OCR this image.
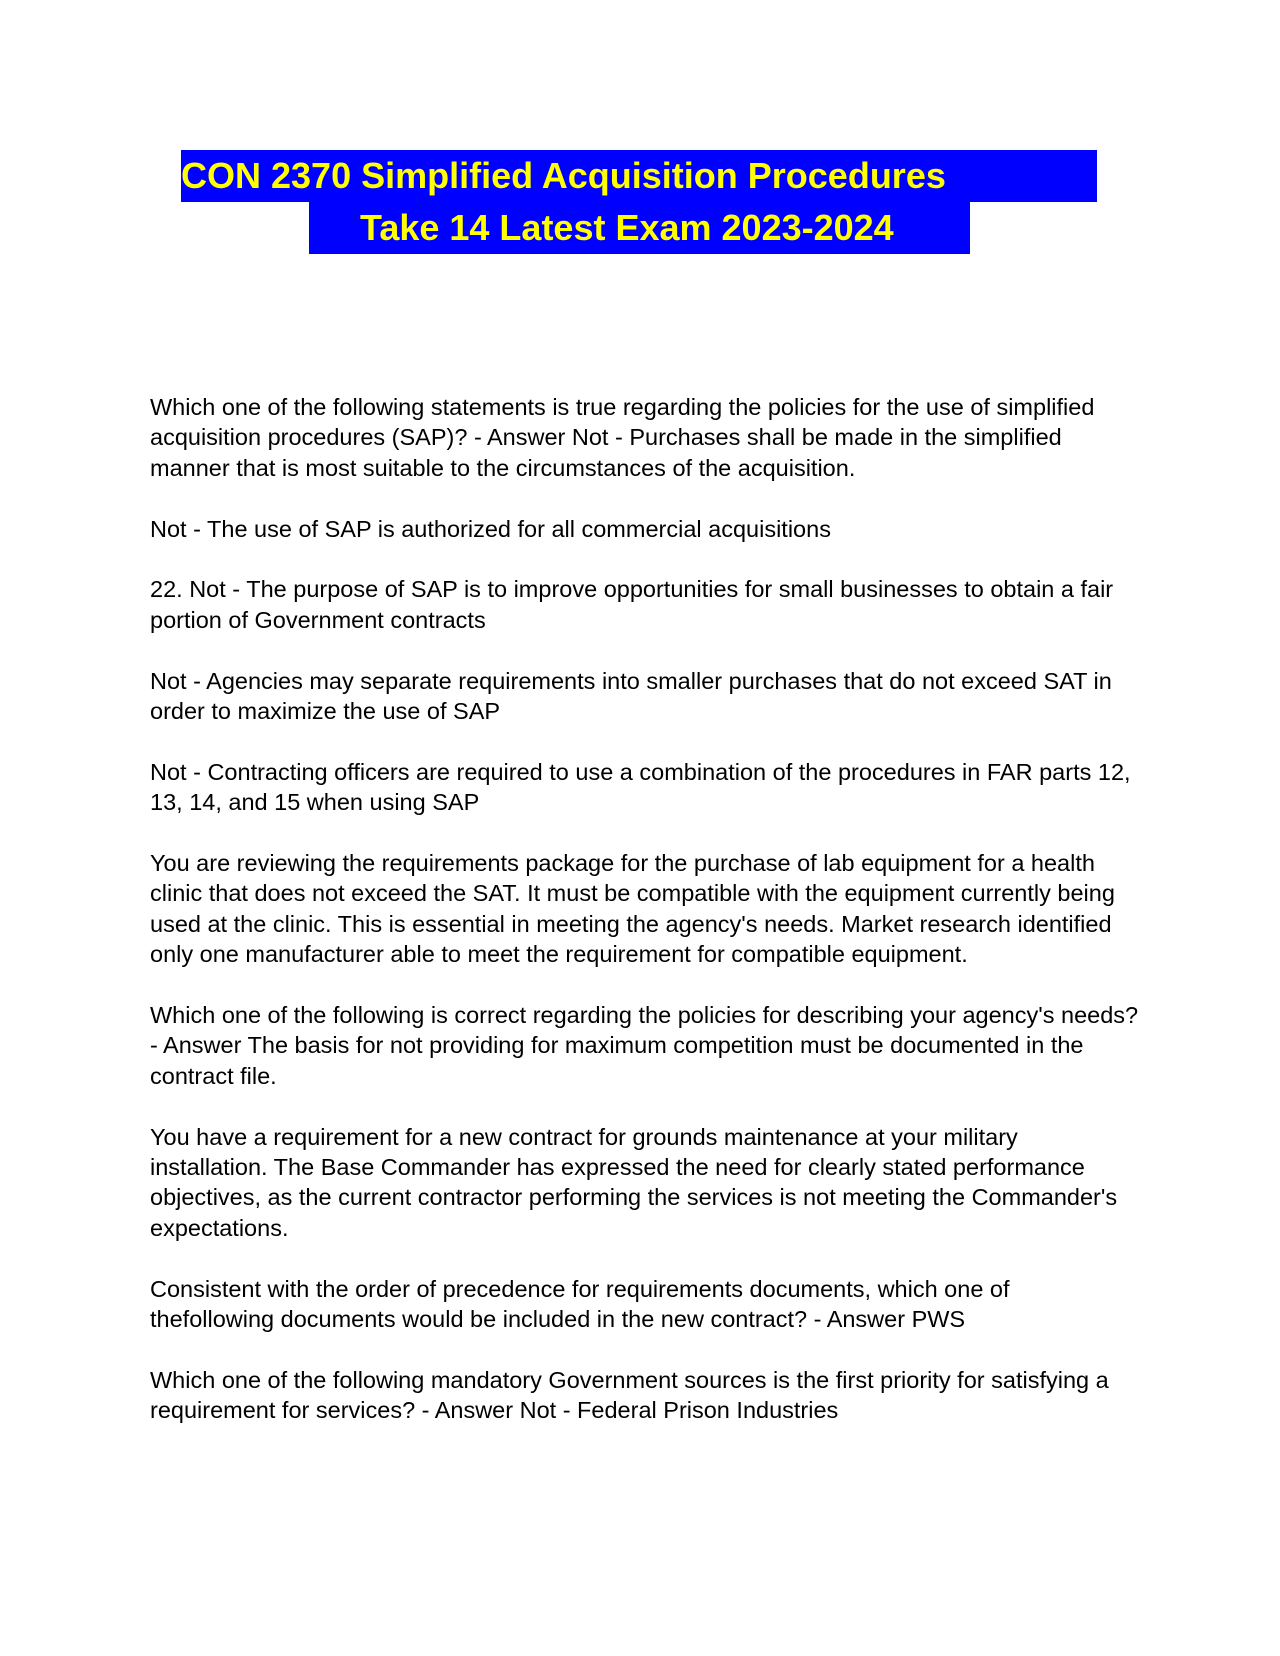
CON 2370 Simplified Acquisition Procedures
Take 14 Latest Exam 2023-2024

Which one of the following statements is true regarding the policies for the use of simplified acquisition procedures (SAP)? - Answer Not - Purchases shall be made in the simplified manner that is most suitable to the circumstances of the acquisition.

Not - The use of SAP is authorized for all commercial acquisitions

22. Not - The purpose of SAP is to improve opportunities for small businesses to obtain a fair portion of Government contracts

Not - Agencies may separate requirements into smaller purchases that do not exceed SAT in order to maximize the use of SAP

Not - Contracting officers are required to use a combination of the procedures in FAR parts 12, 13, 14, and 15 when using SAP

You are reviewing the requirements package for the purchase of lab equipment for a health clinic that does not exceed the SAT. It must be compatible with the equipment currently being used at the clinic. This is essential in meeting the agency's needs. Market research identified only one manufacturer able to meet the requirement for compatible equipment.

Which one of the following is correct regarding the policies for describing your agency's needs? - Answer The basis for not providing for maximum competition must be documented in the contract file.

You have a requirement for a new contract for grounds maintenance at your military installation. The Base Commander has expressed the need for clearly stated performance objectives, as the current contractor performing the services is not meeting the Commander's expectations.

Consistent with the order of precedence for requirements documents, which one of thefollowing documents would be included in the new contract? - Answer PWS

Which one of the following mandatory Government sources is the first priority for satisfying a requirement for services? - Answer Not - Federal Prison Industries
